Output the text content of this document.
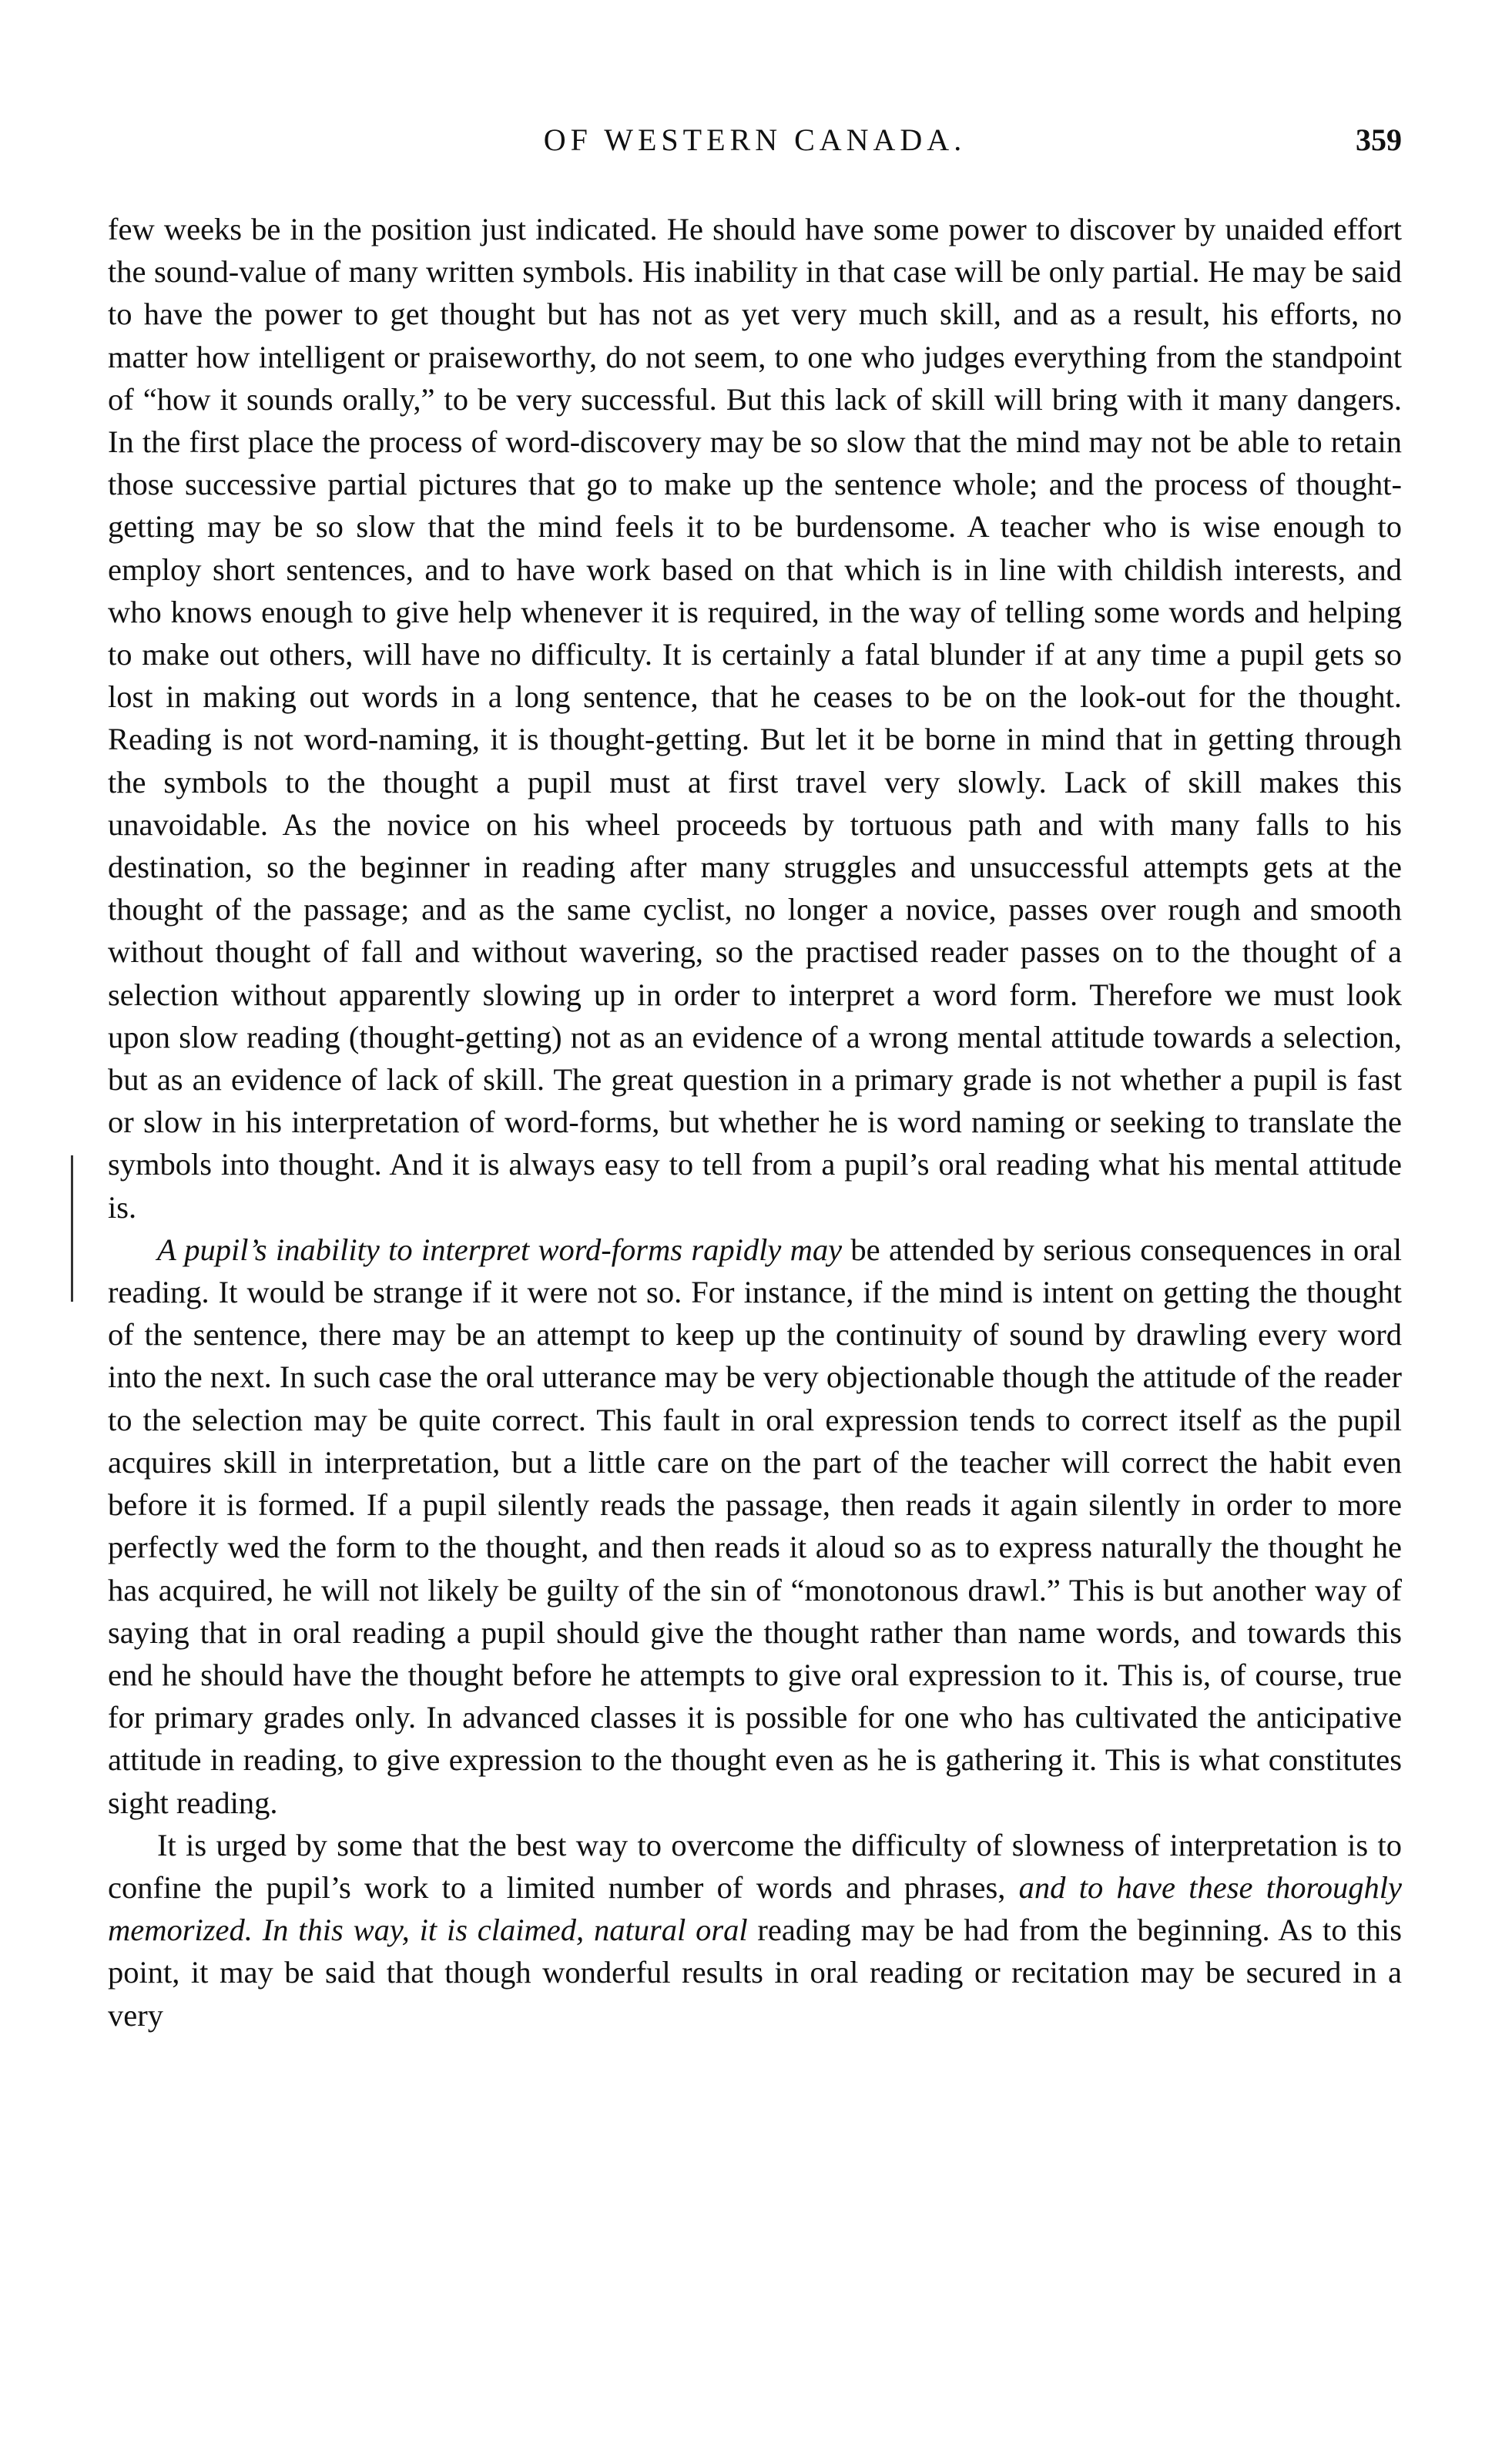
OF WESTERN CANADA.	359

few weeks be in the position just indicated. He should have some power to discover by unaided effort the sound-value of many written symbols. His inability in that case will be only partial. He may be said to have the power to get thought but has not as yet very much skill, and as a result, his efforts, no matter how intelligent or praiseworthy, do not seem, to one who judges everything from the standpoint of “how it sounds orally,” to be very successful. But this lack of skill will bring with it many dangers. In the first place the process of word-discovery may be so slow that the mind may not be able to retain those successive partial pictures that go to make up the sentence whole; and the process of thought-getting may be so slow that the mind feels it to be burdensome. A teacher who is wise enough to employ short sentences, and to have work based on that which is in line with childish interests, and who knows enough to give help whenever it is required, in the way of telling some words and helping to make out others, will have no difficulty. It is certainly a fatal blunder if at any time a pupil gets so lost in making out words in a long sentence, that he ceases to be on the look-out for the thought. Reading is not word-naming, it is thought-getting. But let it be borne in mind that in getting through the symbols to the thought a pupil must at first travel very slowly. Lack of skill makes this unavoidable. As the novice on his wheel proceeds by tortuous path and with many falls to his destination, so the beginner in reading after many struggles and unsuccessful attempts gets at the thought of the passage; and as the same cyclist, no longer a novice, passes over rough and smooth without thought of fall and without wavering, so the practised reader passes on to the thought of a selection without apparently slowing up in order to interpret a word form. Therefore we must look upon slow reading (thought-getting) not as an evidence of a wrong mental attitude towards a selection, but as an evidence of lack of skill. The great question in a primary grade is not whether a pupil is fast or slow in his interpretation of word-forms, but whether he is word naming or seeking to translate the symbols into thought. And it is always easy to tell from a pupil’s oral reading what his mental attitude is.

A pupil’s inability to interpret word-forms rapidly may be attended by serious consequences in oral reading. It would be strange if it were not so. For instance, if the mind is intent on getting the thought of the sentence, there may be an attempt to keep up the continuity of sound by drawling every word into the next. In such case the oral utterance may be very objectionable though the attitude of the reader to the selection may be quite correct. This fault in oral expression tends to correct itself as the pupil acquires skill in interpretation, but a little care on the part of the teacher will correct the habit even before it is formed. If a pupil silently reads the passage, then reads it again silently in order to more perfectly wed the form to the thought, and then reads it aloud so as to express naturally the thought he has acquired, he will not likely be guilty of the sin of “monotonous drawl.” This is but another way of saying that in oral reading a pupil should give the thought rather than name words, and towards this end he should have the thought before he attempts to give oral expression to it. This is, of course, true for primary grades only. In advanced classes it is possible for one who has cultivated the anticipative attitude in reading, to give expression to the thought even as he is gathering it. This is what constitutes sight reading.

It is urged by some that the best way to overcome the difficulty of slowness of interpretation is to confine the pupil’s work to a limited number of words and phrases, and to have these thoroughly memorized. In this way, it is claimed, natural oral reading may be had from the beginning. As to this point, it may be said that though wonderful results in oral reading or recitation may be secured in a very
